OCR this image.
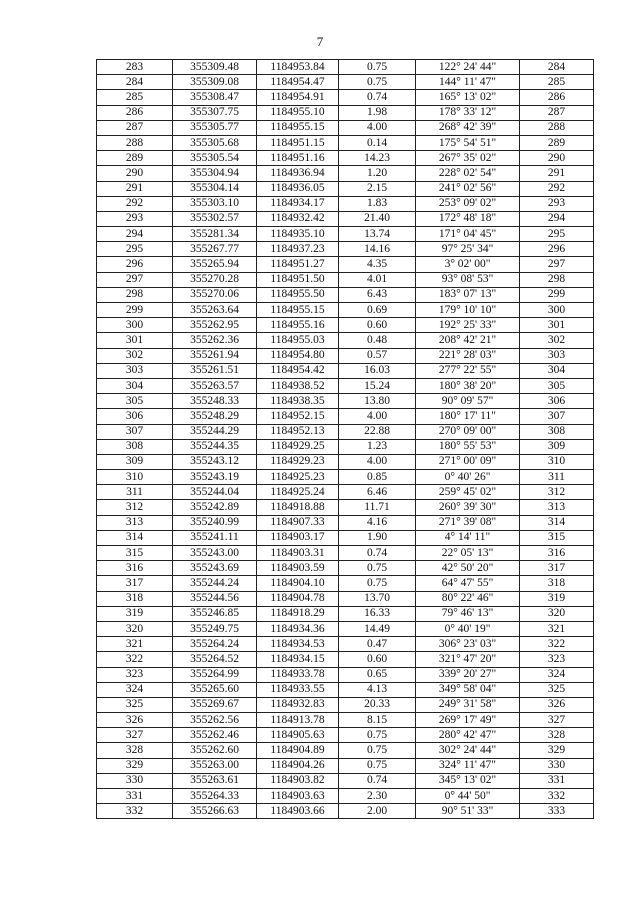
7
283	355309.48	1184953.84	0.75	122° 24' 44"	284
284	355309.08	1184954.47	0.75	144° 11' 47"	285
285	355308.47	1184954.91	0.74	165° 13' 02"	286
286	355307.75	1184955.10	1.98	178° 33' 12"	287
287	355305.77	1184955.15	4.00	268° 42' 39"	288
288	355305.68	1184951.15	0.14	175° 54' 51"	289
289	355305.54	1184951.16	14.23	267° 35' 02"	290
290	355304.94	1184936.94	1.20	228° 02' 54"	291
291	355304.14	1184936.05	2.15	241° 02' 56"	292
292	355303.10	1184934.17	1.83	253° 09' 02"	293
293	355302.57	1184932.42	21.40	172° 48' 18"	294
294	355281.34	1184935.10	13.74	171° 04' 45"	295
295	355267.77	1184937.23	14.16	97° 25' 34"	296
296	355265.94	1184951.27	4.35	3° 02' 00"	297
297	355270.28	1184951.50	4.01	93° 08' 53"	298
298	355270.06	1184955.50	6.43	183° 07' 13"	299
299	355263.64	1184955.15	0.69	179° 10' 10"	300
300	355262.95	1184955.16	0.60	192° 25' 33"	301
301	355262.36	1184955.03	0.48	208° 42' 21"	302
302	355261.94	1184954.80	0.57	221° 28' 03"	303
303	355261.51	1184954.42	16.03	277° 22' 55"	304
304	355263.57	1184938.52	15.24	180° 38' 20"	305
305	355248.33	1184938.35	13.80	90° 09' 57"	306
306	355248.29	1184952.15	4.00	180° 17' 11"	307
307	355244.29	1184952.13	22.88	270° 09' 00"	308
308	355244.35	1184929.25	1.23	180° 55' 53"	309
309	355243.12	1184929.23	4.00	271° 00' 09"	310
310	355243.19	1184925.23	0.85	0° 40' 26"	311
311	355244.04	1184925.24	6.46	259° 45' 02"	312
312	355242.89	1184918.88	11.71	260° 39' 30"	313
313	355240.99	1184907.33	4.16	271° 39' 08"	314
314	355241.11	1184903.17	1.90	4° 14' 11"	315
315	355243.00	1184903.31	0.74	22° 05' 13"	316
316	355243.69	1184903.59	0.75	42° 50' 20"	317
317	355244.24	1184904.10	0.75	64° 47' 55"	318
318	355244.56	1184904.78	13.70	80° 22' 46"	319
319	355246.85	1184918.29	16.33	79° 46' 13"	320
320	355249.75	1184934.36	14.49	0° 40' 19"	321
321	355264.24	1184934.53	0.47	306° 23' 03"	322
322	355264.52	1184934.15	0.60	321° 47' 20"	323
323	355264.99	1184933.78	0.65	339° 20' 27"	324
324	355265.60	1184933.55	4.13	349° 58' 04"	325
325	355269.67	1184932.83	20.33	249° 31' 58"	326
326	355262.56	1184913.78	8.15	269° 17' 49"	327
327	355262.46	1184905.63	0.75	280° 42' 47"	328
328	355262.60	1184904.89	0.75	302° 24' 44"	329
329	355263.00	1184904.26	0.75	324° 11' 47"	330
330	355263.61	1184903.82	0.74	345° 13' 02"	331
331	355264.33	1184903.63	2.30	0° 44' 50"	332
332	355266.63	1184903.66	2.00	90° 51' 33"	333
